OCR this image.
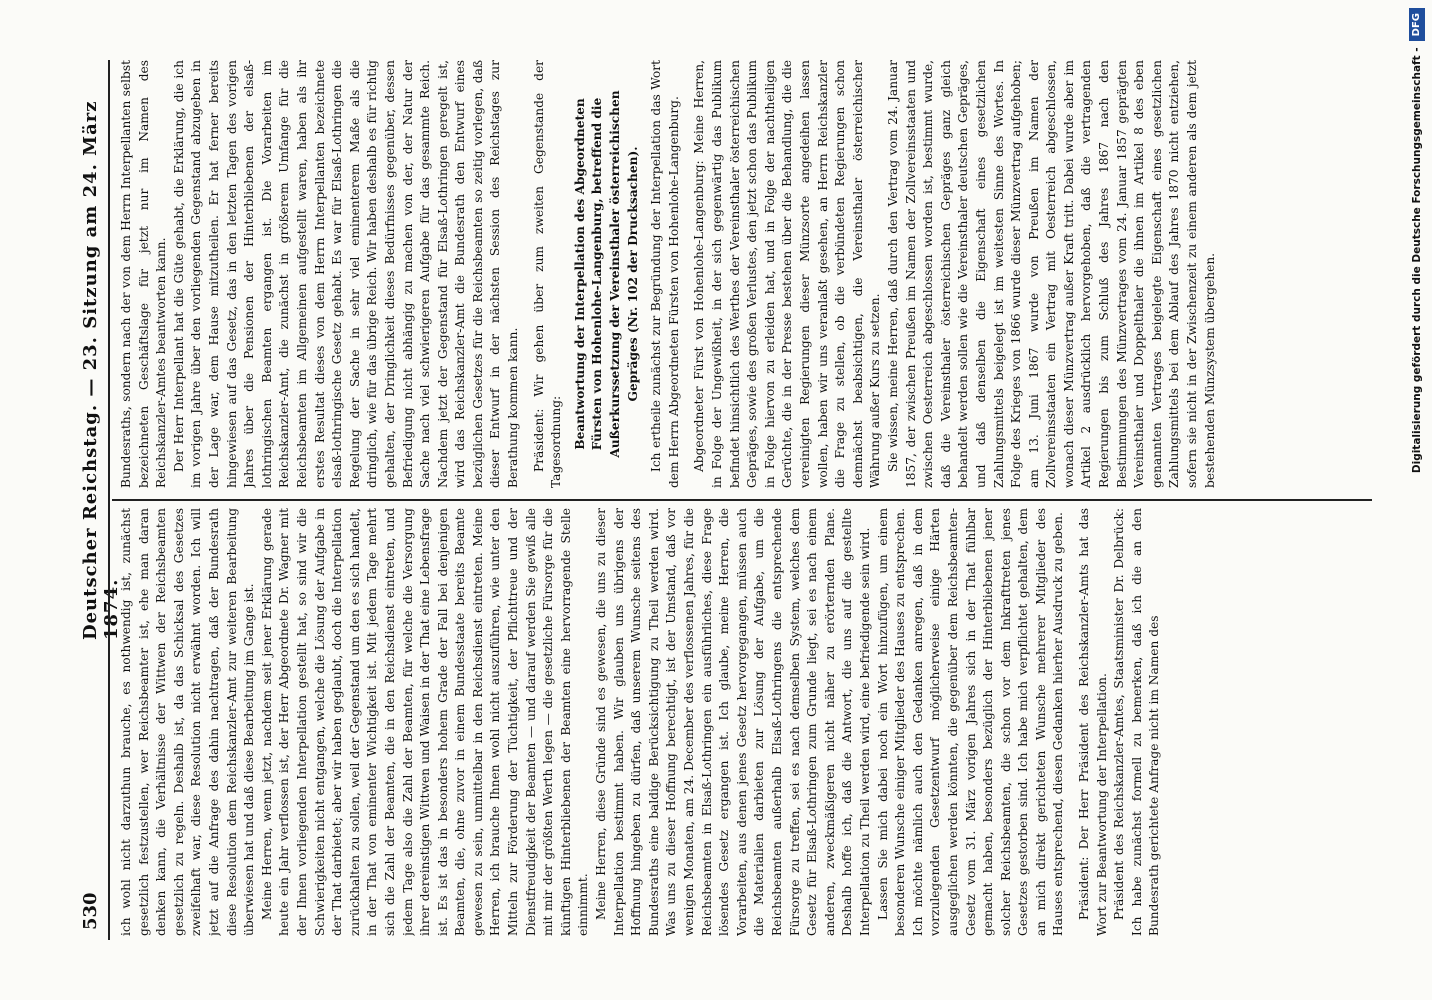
530
Deutscher Reichstag. — 23. Sitzung am 24. März 1874.

ich wohl nicht darzuthun brauche, es nothwendig ist, zunächst gesetzlich festzustellen, wer Reichsbeamter ist, ehe man daran denken kann, die Verhältnisse der Wittwen der Reichsbeamten gesetzlich zu regeln. Deshalb ist, da das Schicksal des Gesetzes zweifelhaft war, diese Resolution nicht erwähnt worden. Ich will jetzt auf die Anfrage des dahin nachtragen, daß der Bundesrath diese Resolution dem Reichskanzler-Amt zur weiteren Bearbeitung überwiesen hat und daß diese Bearbeitung im Gange ist. Meine Herren, wenn jetzt, nachdem seit jener Erklärung gerade heute ein Jahr verflossen ist, der Herr Abgeordnete Dr. Wagner mit der Ihnen vorliegenden Interpellation gestellt hat, so sind wir die Schwierigkeiten nicht entgangen, welche die Lösung der Aufgabe in der That darbietet; aber wir haben geglaubt, doch die Interpellation zurückhalten zu sollen, weil der Gegenstand um den es sich handelt, in der That von eminenter Wichtigkeit ist. Mit jedem Tage mehrt sich die Zahl der Beamten, die in den Reichsdienst eintreten, und jedem Tage also die Zahl der Beamten, für welche die Versorgung ihrer dereinstigen Wittwen und Waisen in der That eine Lebensfrage ist. Es ist das in besonders hohem Grade der Fall bei denjenigen Beamten, die, ohne zuvor in einem Bundesstaate bereits Beamte gewesen zu sein, unmittelbar in den Reichsdienst eintreten. Meine Herren, ich brauche Ihnen wohl nicht auszuführen, wie unter den Mitteln zur Förderung der Tüchtigkeit, der Pflichttreue und der Dienstfreudigkeit der Beamten — und darauf werden Sie gewiß alle mit mir der größten Werth legen — die gesetzliche Fürsorge für die künftigen Hinterbliebenen der Beamten eine hervorragende Stelle einnimmt. Meine Herren, diese Gründe sind es gewesen, die uns zu dieser Interpellation bestimmt haben. Wir glauben uns übrigens der Hoffnung hingeben zu dürfen, daß unserem Wunsche seitens des Bundesraths eine baldige Berücksichtigung zu Theil werden wird. Was uns zu dieser Hoffnung berechtigt, ist der Umstand, daß vor wenigen Monaten, am 24. December des verflossenen Jahres, für die Reichsbeamten in Elsaß-Lothringen ein ausführliches, diese Frage lösendes Gesetz ergangen ist. Ich glaube, meine Herren, die Vorarbeiten, aus denen jenes Gesetz hervorgegangen, müssen auch die Materialien darbieten zur Lösung der Aufgabe, um die Reichsbeamten außerhalb Elsaß-Lothringens die entsprechende Fürsorge zu treffen, sei es nach demselben System, welches dem Gesetz für Elsaß-Lothringen zum Grunde liegt, sei es nach einem anderen, zweckmäßigeren nicht näher zu erörternden Plane. Deshalb hoffe ich, daß die Antwort, die uns auf die gestellte Interpellation zu Theil werden wird, eine befriedigende sein wird. Lassen Sie mich dabei noch ein Wort hinzufügen, um einem besonderen Wunsche einiger Mitglieder des Hauses zu entsprechen. Ich möchte nämlich auch den Gedanken anregen, daß in dem vorzulegenden Gesetzentwurf möglicherweise einige Härten ausgeglichen werden könnten, die gegenüber dem Reichsbeamten-Gesetz vom 31. März vorigen Jahres sich in der That fühlbar gemacht haben, besonders bezüglich der Hinterbliebenen jener solcher Reichsbeamten, die schon vor dem Inkrafttreten jenes Gesetzes gestorben sind. Ich habe mich verpflichtet gehalten, dem an mich direkt gerichteten Wunsche mehrerer Mitglieder des Hauses entsprechend, diesen Gedanken hierher Ausdruck zu geben. Präsident: Der Herr Präsident des Reichskanzler-Amts hat das Wort zur Beantwortung der Interpellation. Präsident des Reichskanzler-Amtes, Staatsminister Dr. Delbrück: Ich habe zunächst formell zu bemerken, daß ich die an den Bundesrath gerichtete Anfrage nicht im Namen des

Bundesraths, sondern nach der von dem Herrn Interpellanten selbst bezeichneten Geschäftslage für jetzt nur im Namen des Reichskanzler-Amtes beantworten kann. Der Herr Interpellant hat die Güte gehabt, die Erklärung, die ich im vorigen Jahre über den vorliegenden Gegenstand abzugeben in der Lage war, dem Hause mitzutheilen. Er hat ferner bereits hingewiesen auf das Gesetz, das in den letzten Tagen des vorigen Jahres über die Pensionen der Hinterbliebenen der elsaß-lothringischen Beamten ergangen ist. Die Vorarbeiten im Reichskanzler-Amt, die zunächst in größerem Umfange für die Reichsbeamten im Allgemeinen aufgestellt waren, haben als ihr erstes Resultat dieses von dem Herrn Interpellanten bezeichnete elsaß-lothringische Gesetz gehabt. Es war für Elsaß-Lothringen die Regelung der Sache in sehr viel eminenterem Maße als die dringlich, wie für das übrige Reich. Wir haben deshalb es für richtig gehalten, der Dringlichkeit dieses Bedürfnisses gegenüber, dessen Befriedigung nicht abhängig zu machen von der, der Natur der Sache nach viel schwierigeren Aufgabe für das gesammte Reich. Nachdem jetzt der Gegenstand für Elsaß-Lothringen geregelt ist, wird das Reichskanzler-Amt die Bundesrath den Entwurf eines bezüglichen Gesetzes für die Reichsbeamten so zeitig vorlegen, daß dieser Entwurf in der nächsten Session des Reichstages zur Berathung kommen kann. Präsident: Wir gehen über zum zweiten Gegenstande der Tagesordnung: Beantwortung der Interpellation des Abgeordneten Fürsten von Hohenlohe-Langenburg, betreffend die Außerkurssetzung der Vereinsthaler österreichischen Gepräges (Nr. 102 der Drucksachen). Ich ertheile zunächst zur Begründung der Interpellation das Wort dem Herrn Abgeordneten Fürsten von Hohenlohe-Langenburg. Abgeordneter Fürst von Hohenlohe-Langenburg: Meine Herren, in Folge der Ungewißheit, in der sich gegenwärtig das Publikum befindet hinsichtlich des Werthes der Vereinsthaler österreichischen Gepräges, sowie des großen Verlustes, den jetzt schon das Publikum in Folge hiervon zu erleiden hat, und in Folge der nachtheiligen Gerüchte, die in der Presse bestehen über die Behandlung, die die vereinigten Regierungen dieser Münzsorte angedeihen lassen wollen, haben wir uns veranlaßt gesehen, an Herrn Reichskanzler die Frage zu stellen, ob die verbündeten Regierungen schon demnächst beabsichtigen, die Vereinsthaler österreichischer Währung außer Kurs zu setzen. Sie wissen, meine Herren, daß durch den Vertrag vom 24. Januar 1857, der zwischen Preußen im Namen der Zollvereinsstaaten und zwischen Oesterreich abgeschlossen worden ist, bestimmt wurde, daß die Vereinsthaler österreichischen Gepräges ganz gleich behandelt werden sollen wie die Vereinsthaler deutschen Gepräges, und daß denselben die Eigenschaft eines gesetzlichen Zahlungsmittels beigelegt ist im weitesten Sinne des Wortes. In Folge des Krieges von 1866 wurde dieser Münzvertrag aufgehoben; am 13. Juni 1867 wurde von Preußen im Namen der Zollvereinsstaaten ein Vertrag mit Oesterreich abgeschlossen, wonach dieser Münzvertrag außer Kraft tritt. Dabei wurde aber im Artikel 2 ausdrücklich hervorgehoben, daß die vertragenden Regierungen bis zum Schluß des Jahres 1867 nach den Bestimmungen des Münzvertrages vom 24. Januar 1857 geprägten Vereinsthaler und Doppelthaler die ihnen im Artikel 8 des eben genannten Vertrages beigelegte Eigenschaft eines gesetzlichen Zahlungsmittels bei dem Ablauf des Jahres 1870 nicht entziehen, sofern sie nicht in der Zwischenzeit zu einem anderen als dem jetzt bestehenden Münzsystem übergehen.	Digitalisierung gefördert durch die Deutsche Forschungsgemeinschaft -DFG
